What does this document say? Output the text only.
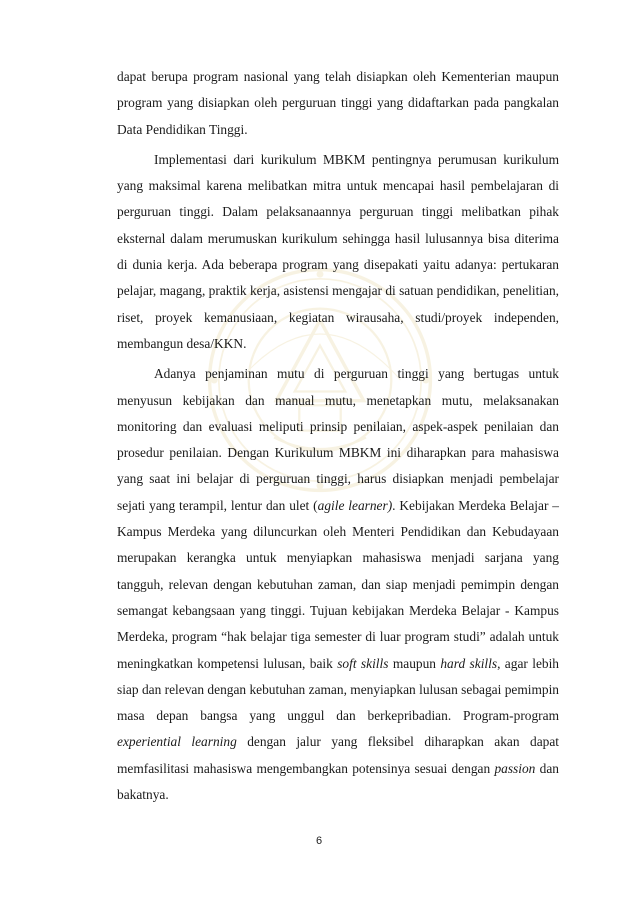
dapat berupa program nasional yang telah disiapkan oleh Kementerian maupun program yang disiapkan oleh perguruan tinggi yang didaftarkan pada pangkalan Data Pendidikan Tinggi.

Implementasi dari kurikulum MBKM pentingnya perumusan kurikulum yang maksimal karena melibatkan mitra untuk mencapai hasil pembelajaran di perguruan tinggi. Dalam pelaksanaannya perguruan tinggi melibatkan pihak eksternal dalam merumuskan kurikulum sehingga hasil lulusannya bisa diterima di dunia kerja. Ada beberapa program yang disepakati yaitu adanya: pertukaran pelajar, magang, praktik kerja, asistensi mengajar di satuan pendidikan, penelitian, riset, proyek kemanusiaan, kegiatan wirausaha, studi/proyek independen, membangun desa/KKN.

Adanya penjaminan mutu di perguruan tinggi yang bertugas untuk menyusun kebijakan dan manual mutu, menetapkan mutu, melaksanakan monitoring dan evaluasi meliputi prinsip penilaian, aspek-aspek penilaian dan prosedur penilaian. Dengan Kurikulum MBKM ini diharapkan para mahasiswa yang saat ini belajar di perguruan tinggi, harus disiapkan menjadi pembelajar sejati yang terampil, lentur dan ulet (agile learner). Kebijakan Merdeka Belajar – Kampus Merdeka yang diluncurkan oleh Menteri Pendidikan dan Kebudayaan merupakan kerangka untuk menyiapkan mahasiswa menjadi sarjana yang tangguh, relevan dengan kebutuhan zaman, dan siap menjadi pemimpin dengan semangat kebangsaan yang tinggi. Tujuan kebijakan Merdeka Belajar - Kampus Merdeka, program “hak belajar tiga semester di luar program studi” adalah untuk meningkatkan kompetensi lulusan, baik soft skills maupun hard skills, agar lebih siap dan relevan dengan kebutuhan zaman, menyiapkan lulusan sebagai pemimpin masa depan bangsa yang unggul dan berkepribadian. Program-program experiential learning dengan jalur yang fleksibel diharapkan akan dapat memfasilitasi mahasiswa mengembangkan potensinya sesuai dengan passion dan bakatnya.

6
